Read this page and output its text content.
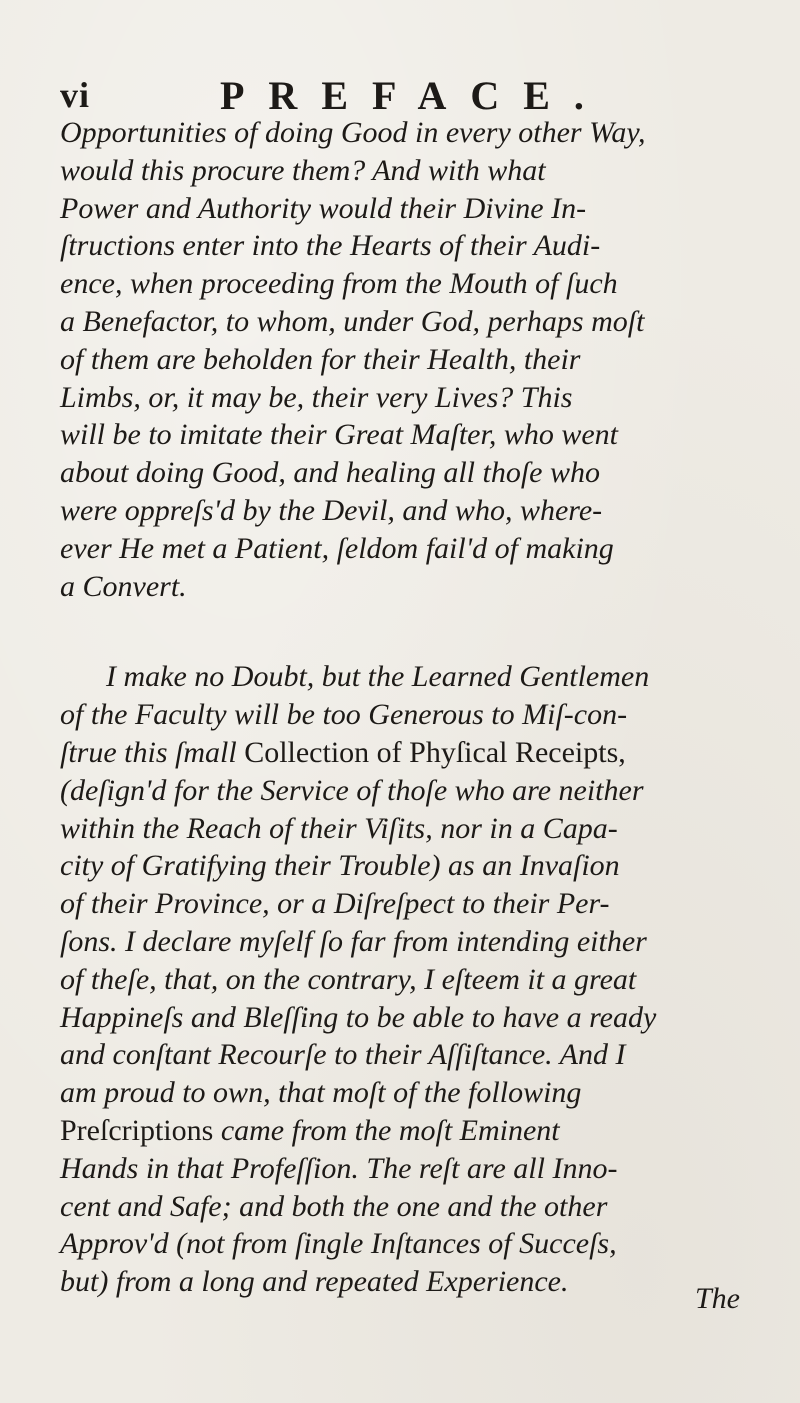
vi	PREFACE.
Opportunities of doing Good in every other Way,
would this procure them? And with what
Power and Authority would their Divine In-
ſtructions enter into the Hearts of their Audi-
ence, when proceeding from the Mouth of ſuch
a Benefactor, to whom, under God, perhaps moſt
of them are beholden for their Health, their
Limbs, or, it may be, their very Lives? This
will be to imitate their Great Maſter, who went
about doing Good, and healing all thoſe who
were oppreſs'd by the Devil, and who, where-
ever He met a Patient, ſeldom fail'd of making
a Convert.
I make no Doubt, but the Learned Gentlemen
of the Faculty will be too Generous to Miſ-con-
ſtrue this ſmall Collection of Phyſical Receipts,
(deſign'd for the Service of thoſe who are neither
within the Reach of their Viſits, nor in a Capa-
city of Gratifying their Trouble) as an Invaſion
of their Province, or a Diſreſpect to their Per-
ſons. I declare myſelf ſo far from intending either
of theſe, that, on the contrary, I eſteem it a great
Happineſs and Bleſſing to be able to have a ready
and conſtant Recourſe to their Aſſiſtance. And I
am proud to own, that moſt of the following
Preſcriptions came from the moſt Eminent
Hands in that Profeſſion. The reſt are all Inno-
cent and Safe; and both the one and the other
Approv'd (not from ſingle Inſtances of Succeſs,
but) from a long and repeated Experience.
The
